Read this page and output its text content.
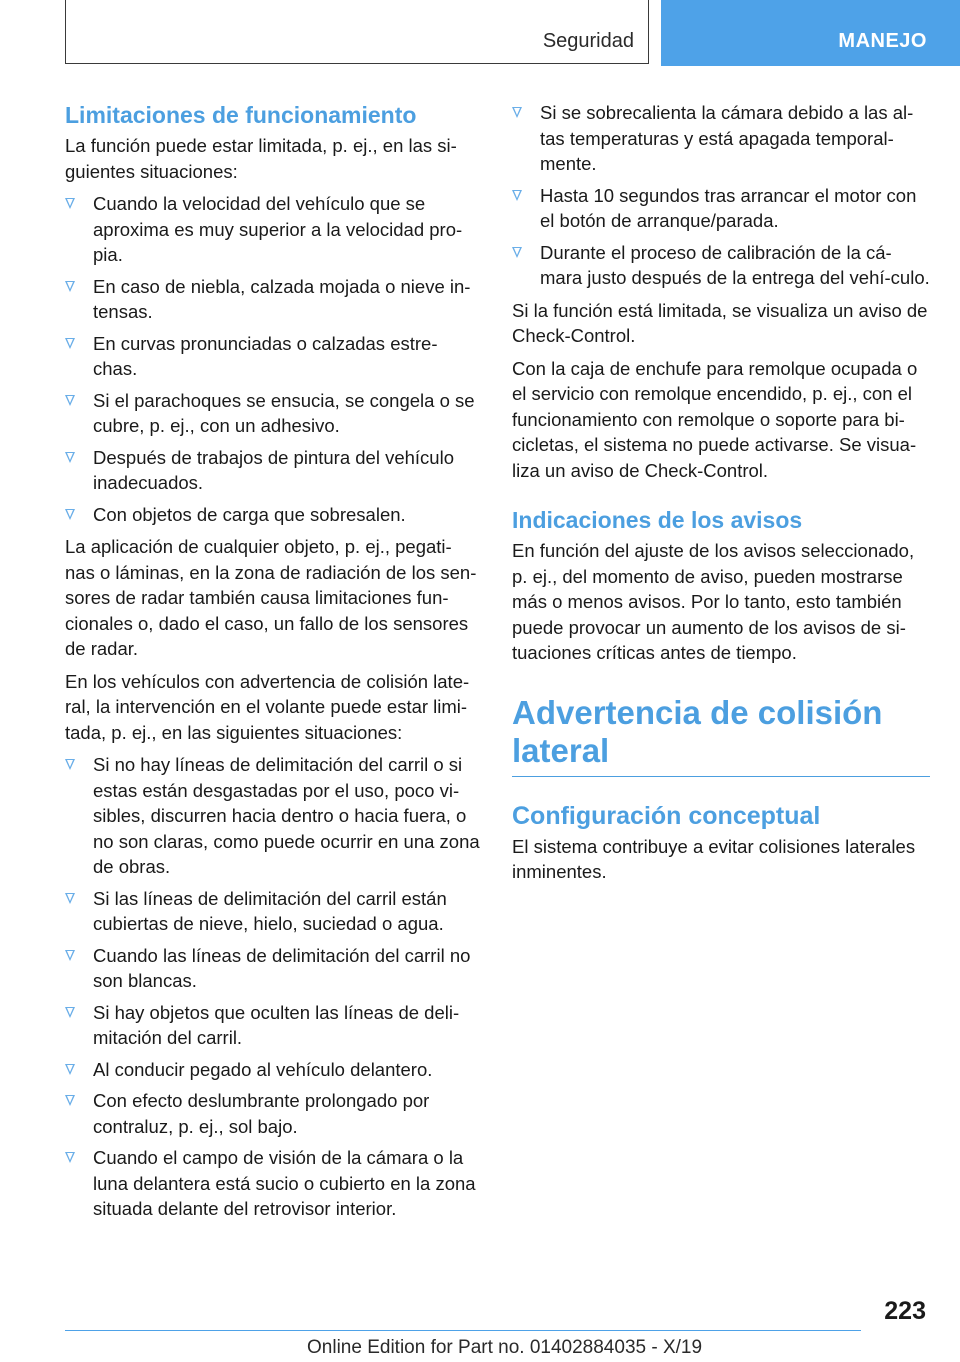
Seguridad	MANEJO
Limitaciones de funcionamiento
La función puede estar limitada, p. ej., en las si-guientes situaciones:
Cuando la velocidad del vehículo que se aproxima es muy superior a la velocidad pro-pia.
En caso de niebla, calzada mojada o nieve in-tensas.
En curvas pronunciadas o calzadas estre-chas.
Si el parachoques se ensucia, se congela o se cubre, p. ej., con un adhesivo.
Después de trabajos de pintura del vehículo inadecuados.
Con objetos de carga que sobresalen.
La aplicación de cualquier objeto, p. ej., pegati-nas o láminas, en la zona de radiación de los sen-sores de radar también causa limitaciones fun-cionales o, dado el caso, un fallo de los sensores de radar.
En los vehículos con advertencia de colisión late-ral, la intervención en el volante puede estar limi-tada, p. ej., en las siguientes situaciones:
Si no hay líneas de delimitación del carril o si estas están desgastadas por el uso, poco vi-sibles, discurren hacia dentro o hacia fuera, o no son claras, como puede ocurrir en una zona de obras.
Si las líneas de delimitación del carril están cubiertas de nieve, hielo, suciedad o agua.
Cuando las líneas de delimitación del carril no son blancas.
Si hay objetos que oculten las líneas de deli-mitación del carril.
Al conducir pegado al vehículo delantero.
Con efecto deslumbrante prolongado por contraluz, p. ej., sol bajo.
Cuando el campo de visión de la cámara o la luna delantera está sucio o cubierto en la zona situada delante del retrovisor interior.
Si se sobrecalienta la cámara debido a las al-tas temperaturas y está apagada temporal-mente.
Hasta 10 segundos tras arrancar el motor con el botón de arranque/parada.
Durante el proceso de calibración de la cá-mara justo después de la entrega del vehí-culo.
Si la función está limitada, se visualiza un aviso de Check-Control.
Con la caja de enchufe para remolque ocupada o el servicio con remolque encendido, p. ej., con el funcionamiento con remolque o soporte para bi-cicletas, el sistema no puede activarse. Se visua-liza un aviso de Check-Control.
Indicaciones de los avisos
En función del ajuste de los avisos seleccionado, p. ej., del momento de aviso, pueden mostrarse más o menos avisos. Por lo tanto, esto también puede provocar un aumento de los avisos de si-tuaciones críticas antes de tiempo.
Advertencia de colisión lateral
Configuración conceptual
El sistema contribuye a evitar colisiones laterales inminentes.
223
Online Edition for Part no. 01402884035 - X/19
